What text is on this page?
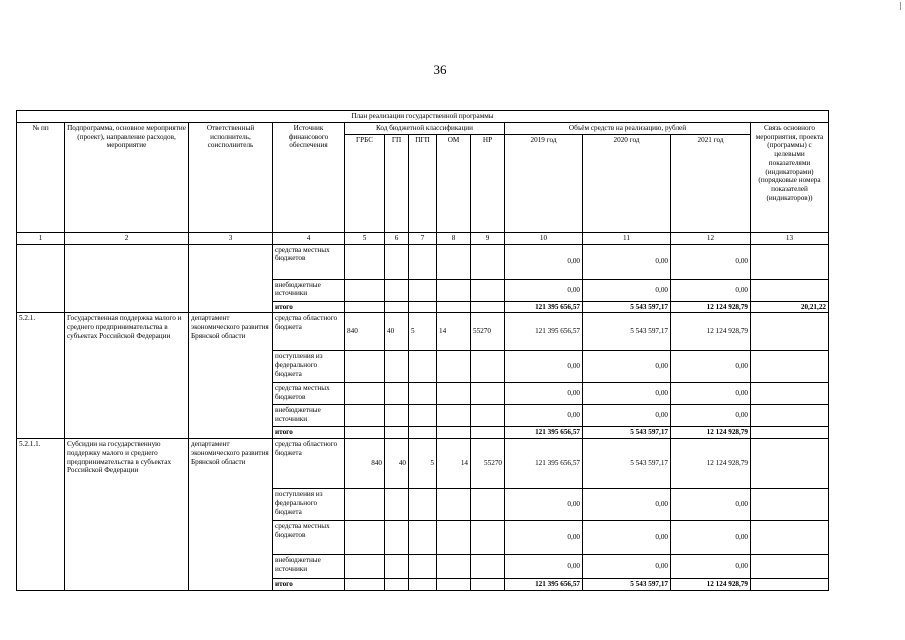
36
План реализации государственной программы												
№ пп	Подпрограмма, основное мероприятие (проект), направление расходов, мероприятие	Ответственный исполнитель, соисполнитель	Источник финансового обеспечения	Код бюджетной классификации					Объём средств на реализацию, рублей			Связь основного мероприятия, проекта (программы) с целевыми показателями (индикаторами) (порядковые номера показателей (индикаторов))
				ГРБС	ГП	ПГП	ОМ	НР	2019 год	2020 год	2021 год	
1	2	3	4	5	6	7	8	9	10	11	12	13
			средства местных бюджетов						0,00	0,00	0,00	
			внебюджетные источники						0,00	0,00	0,00	
			итого						121 395 656,57	5 543 597,17	12 124 928,79	20,21,22
5.2.1.	Государственная поддержка малого и среднего предпринимательства в субъектах Российской Федерации	департамент экономического развития Брянской области	средства областного бюджета	840	40	5	14	55270	121 395 656,57	5 543 597,17	12 124 928,79	
			поступления из федерального бюджета						0,00	0,00	0,00	
			средства местных бюджетов						0,00	0,00	0,00	
			внебюджетные источники						0,00	0,00	0,00	
			итого						121 395 656,57	5 543 597,17	12 124 928,79	
5.2.1.1.	Субсидии на государственную поддержку малого и среднего предпринимательства в субъектах Российской Федерации	департамент экономического развития Брянской области	средства областного бюджета	840	40	5	14	55270	121 395 656,57	5 543 597,17	12 124 928,79	
			поступления из федерального бюджета						0,00	0,00	0,00	
			средства местных бюджетов						0,00	0,00	0,00	
			внебюджетные источники						0,00	0,00	0,00	
			итого						121 395 656,57	5 543 597,17	12 124 928,79	
